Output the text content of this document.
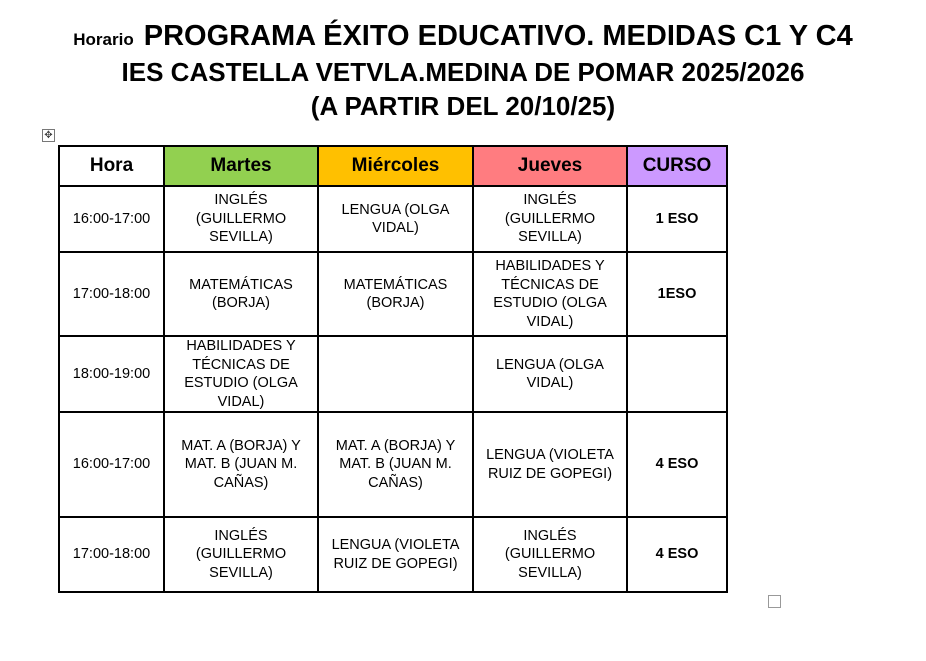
Horario PROGRAMA ÉXITO EDUCATIVO. MEDIDAS C1 Y C4
IES CASTELLA VETVLA.MEDINA DE POMAR 2025/2026
(A PARTIR DEL 20/10/25)
✥
Hora	Martes	Miércoles	Jueves	CURSO
16:00-17:00	INGLÉS (GUILLERMO SEVILLA)	LENGUA (OLGA VIDAL)	INGLÉS (GUILLERMO SEVILLA)	1 ESO
17:00-18:00	MATEMÁTICAS (BORJA)	MATEMÁTICAS (BORJA)	HABILIDADES Y TÉCNICAS DE ESTUDIO (OLGA VIDAL)	1ESO
18:00-19:00	HABILIDADES Y TÉCNICAS DE ESTUDIO (OLGA VIDAL)		LENGUA (OLGA VIDAL)	

16:00-17:00	MAT. A (BORJA) Y MAT. B (JUAN M. CAÑAS)	MAT. A (BORJA) Y MAT. B (JUAN M. CAÑAS)	LENGUA (VIOLETA RUIZ DE GOPEGI)	4 ESO
17:00-18:00	INGLÉS (GUILLERMO SEVILLA)	LENGUA (VIOLETA RUIZ DE GOPEGI)	INGLÉS (GUILLERMO SEVILLA)	4 ESO
